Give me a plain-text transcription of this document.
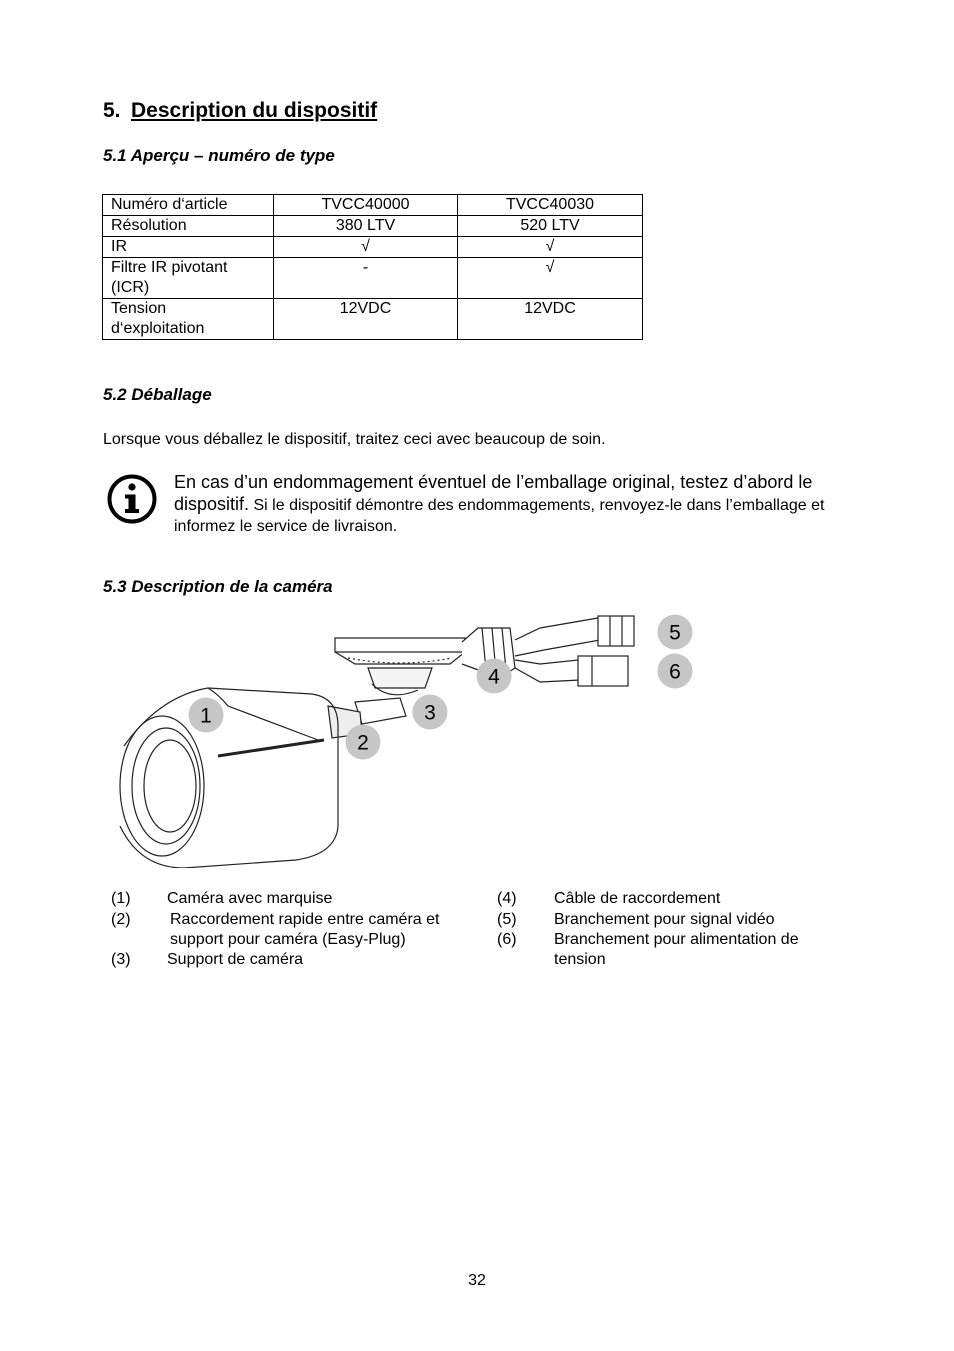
5. Description du dispositif
5.1 Aperçu – numéro de type
Numéro d‘article	TVCC40000	TVCC40030
Résolution	380 LTV	520 LTV
IR	√	√
Filtre IR pivotant (ICR)	-	√
Tension d‘exploitation	12VDC	12VDC
5.2 Déballage
Lorsque vous déballez le dispositif, traitez ceci avec beaucoup de soin.
En cas d’un endommagement éventuel de l’emballage original, testez d’abord le dispositif. Si le dispositif démontre des endommagements, renvoyez-le dans l’emballage et informez le service de livraison.
5.3 Description de la caméra
1
2
3
4
5
6
(1) Caméra avec marquise
(2) Raccordement rapide entre caméra et support pour caméra (Easy-Plug)
(3) Support de caméra
(4) Câble de raccordement
(5) Branchement pour signal vidéo
(6) Branchement pour alimentation de tension
32
